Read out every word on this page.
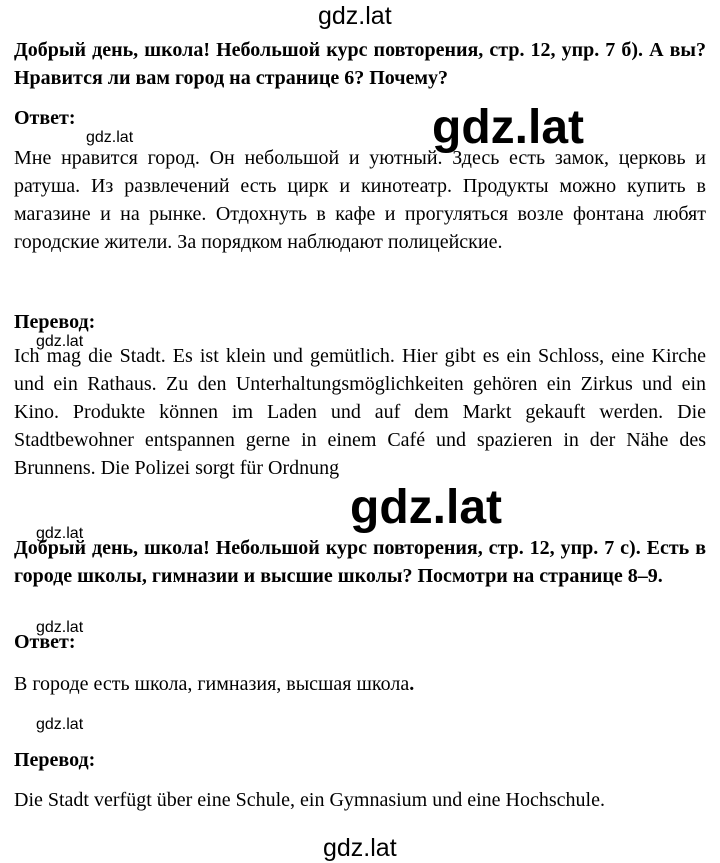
gdz.lat
gdz.lat	gdz.lat
gdz.lat
gdz.lat
gdz.lat
gdz.lat
gdz.lat
gdz.lat
Добрый день, школа! Небольшой курс повторения, стр. 12, упр. 7 б). А вы? Нравится ли вам город на странице 6? Почему?
Ответ:
Мне нравится город. Он небольшой и уютный. Здесь есть замок, церковь и ратуша. Из развлечений есть цирк и кинотеатр. Продукты можно купить в магазине и на рынке. Отдохнуть в кафе и прогуляться возле фонтана любят городские жители. За порядком наблюдают полицейские.
Перевод:
Ich mag die Stadt. Es ist klein und gemütlich. Hier gibt es ein Schloss, eine Kirche und ein Rathaus. Zu den Unterhaltungsmöglichkeiten gehören ein Zirkus und ein Kino. Produkte können im Laden und auf dem Markt gekauft werden. Die Stadtbewohner entspannen gerne in einem Café und spazieren in der Nähe des Brunnens. Die Polizei sorgt für Ordnung
Добрый день, школа! Небольшой курс повторения, стр. 12, упр. 7 с). Есть в городе школы, гимназии и высшие школы? Посмотри на странице 8–9.
Ответ:
В городе есть школа, гимназия, высшая школа.
Перевод:
Die Stadt verfügt über eine Schule, ein Gymnasium und eine Hochschule.
